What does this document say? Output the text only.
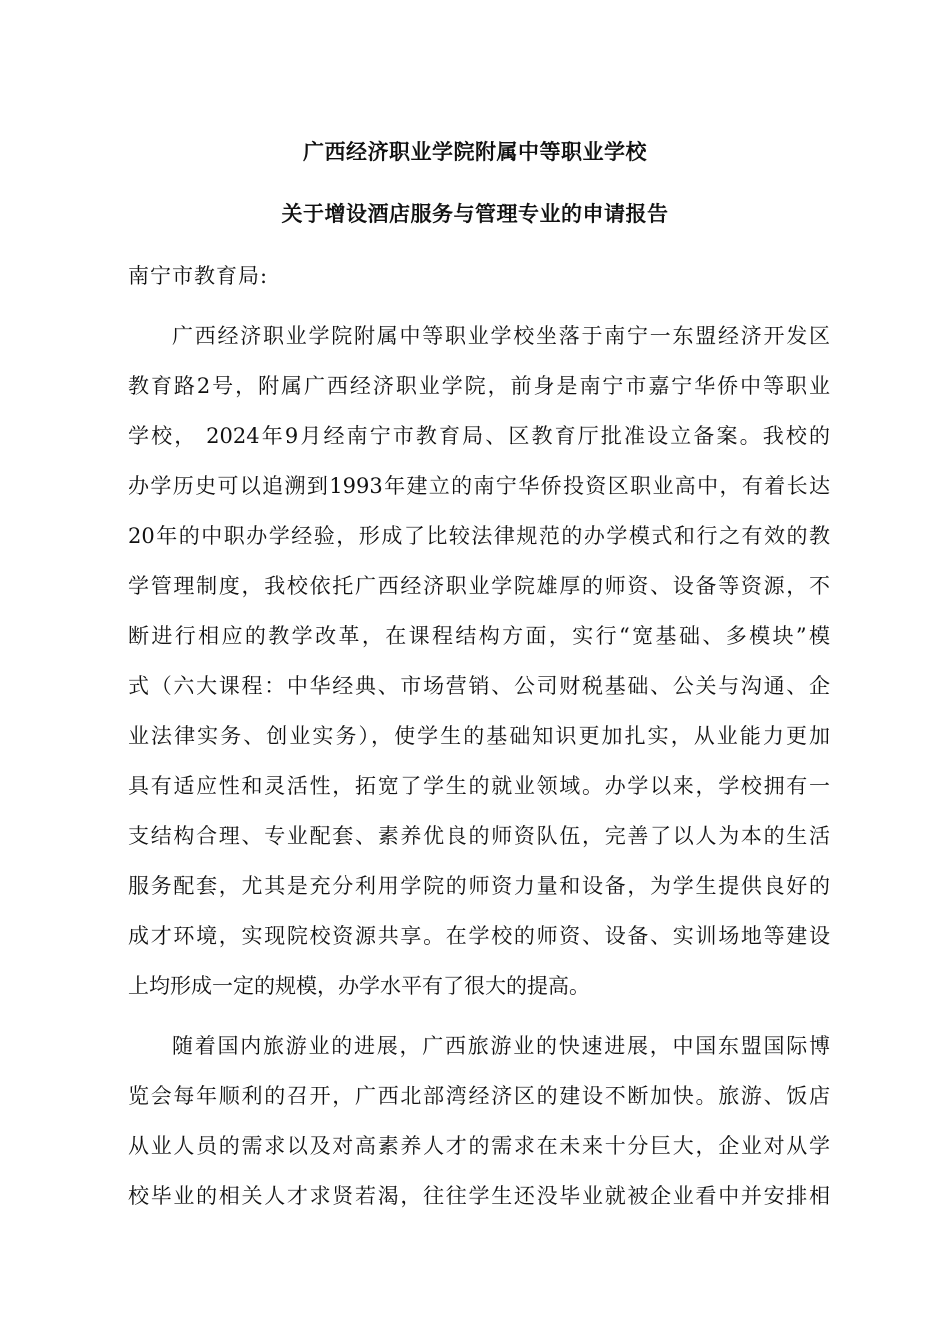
广西经济职业学院附属中等职业学校
关于增设酒店服务与管理专业的申请报告
南宁市教育局:
广西经济职业学院附属中等职业学校坐落于南宁一东盟经济开发区
教育路2号，附属广西经济职业学院，前身是南宁市嘉宁华侨中等职业
学校， 2024年9月经南宁市教育局、区教育厅批准设立备案。我校的
办学历史可以追溯到1993年建立的南宁华侨投资区职业高中，有着长达
20年的中职办学经验，形成了比较法律规范的办学模式和行之有效的教
学管理制度，我校依托广西经济职业学院雄厚的师资、设备等资源，不
断进行相应的教学改革，在课程结构方面，实行“宽基础、多模块”模
式（六大课程：中华经典、市场营销、公司财税基础、公关与沟通、企
业法律实务、创业实务），使学生的基础知识更加扎实，从业能力更加
具有适应性和灵活性，拓宽了学生的就业领域。办学以来，学校拥有一
支结构合理、专业配套、素养优良的师资队伍，完善了以人为本的生活
服务配套，尤其是充分利用学院的师资力量和设备，为学生提供良好的
成才环境，实现院校资源共享。在学校的师资、设备、实训场地等建设
上均形成一定的规模，办学水平有了很大的提高。
随着国内旅游业的进展，广西旅游业的快速进展，中国东盟国际博
览会每年顺利的召开，广西北部湾经济区的建设不断加快。旅游、饭店
从业人员的需求以及对高素养人才的需求在未来十分巨大，企业对从学
校毕业的相关人才求贤若渴，往往学生还没毕业就被企业看中并安排相
